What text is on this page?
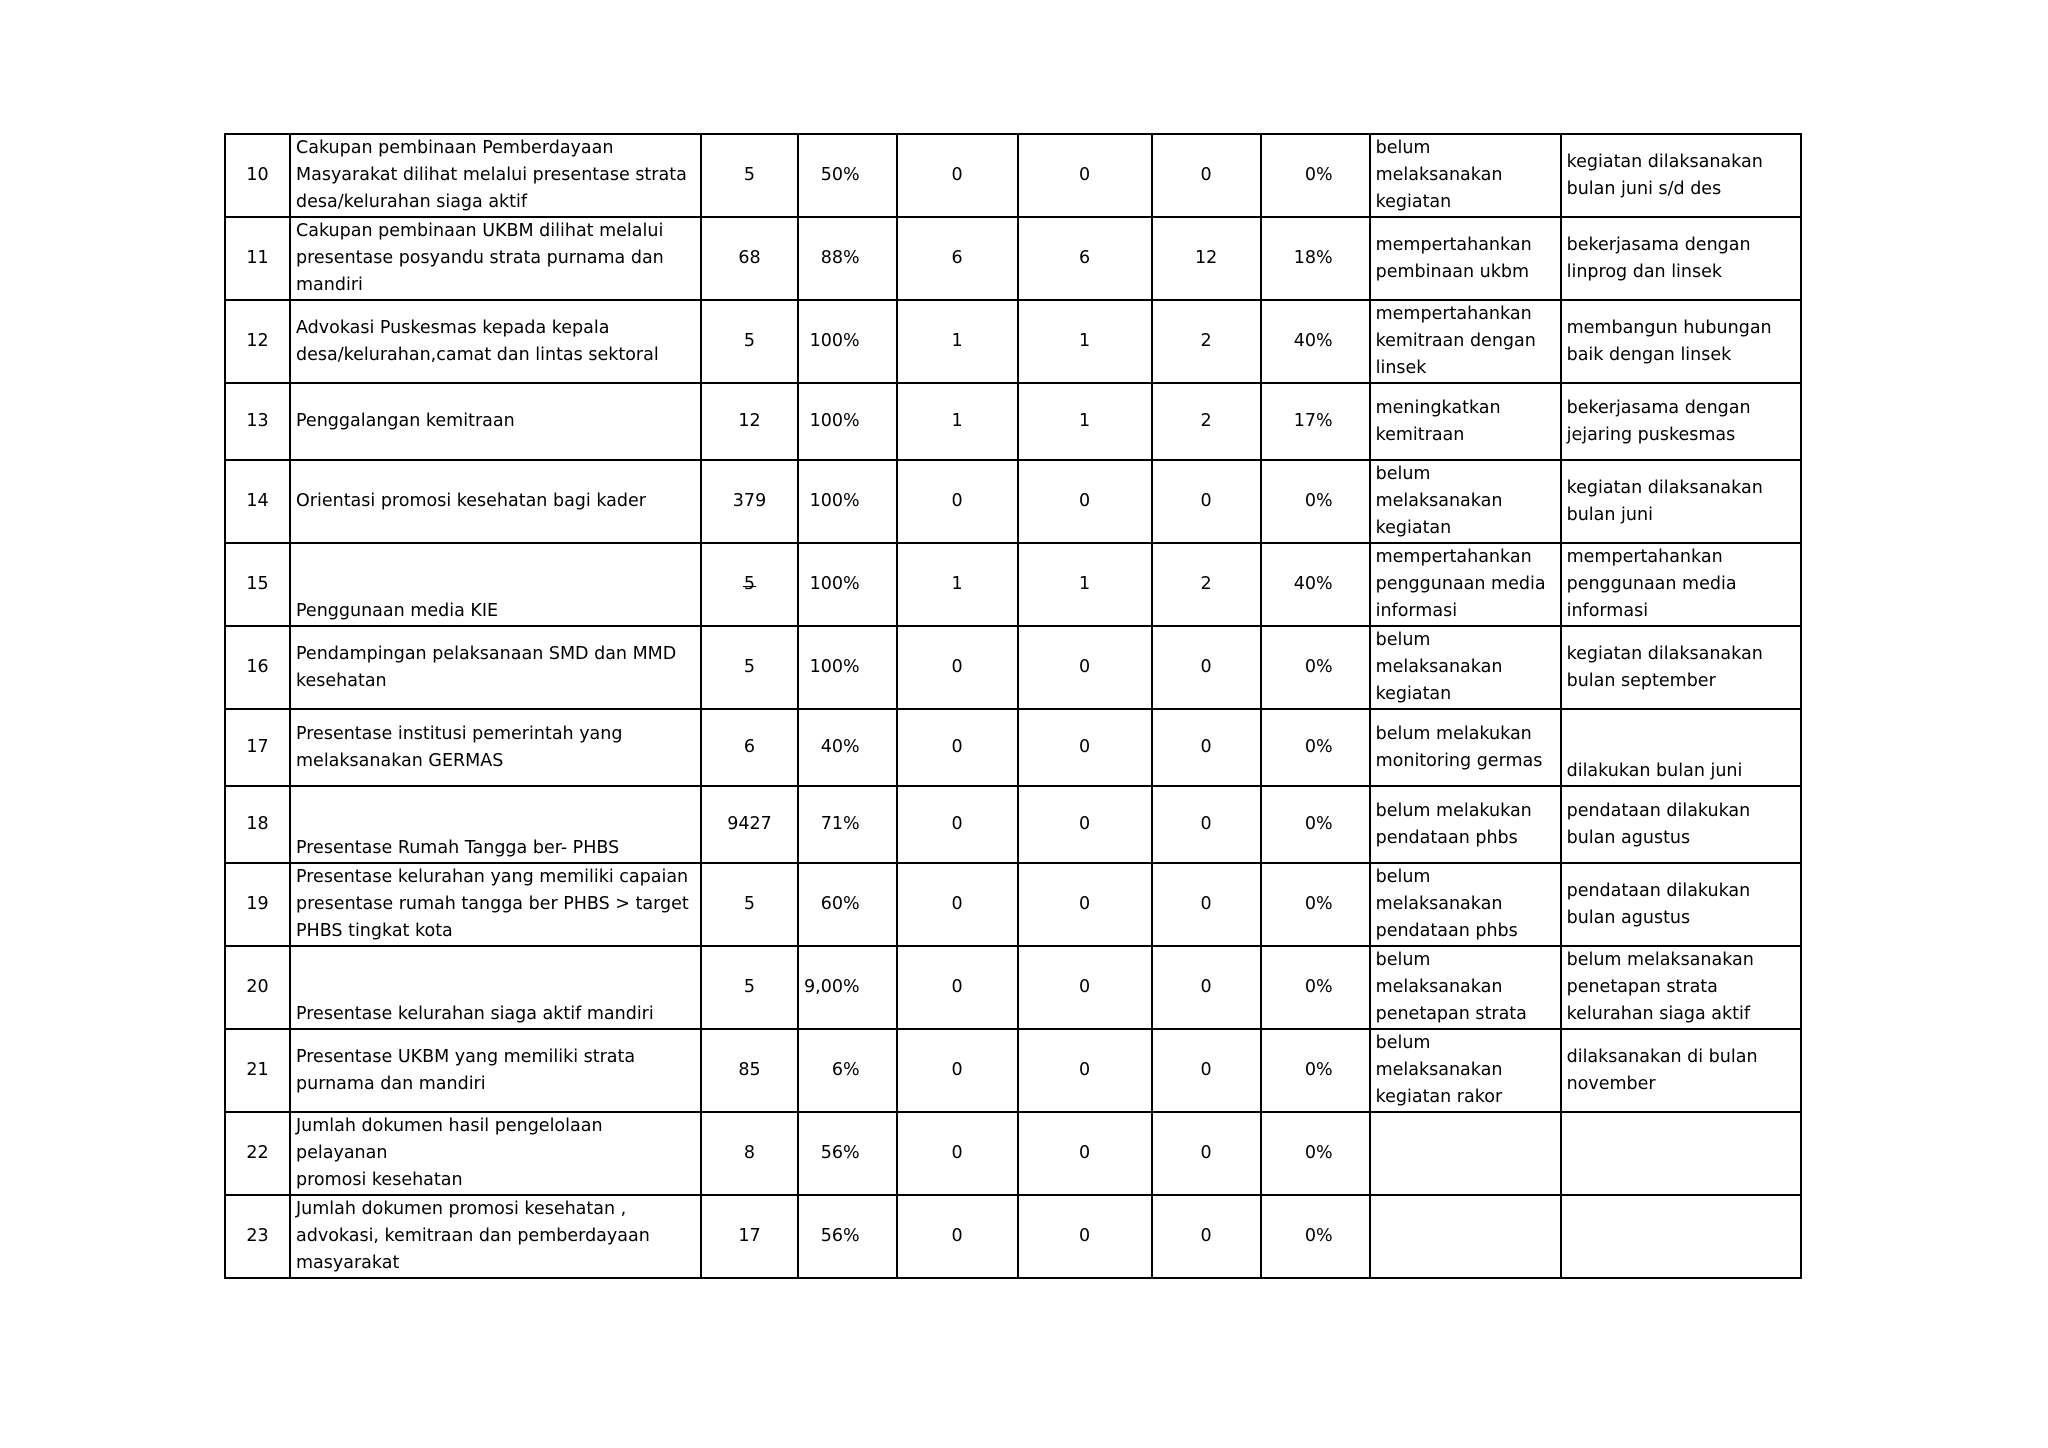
10	Cakupan pembinaan Pemberdayaan
Masyarakat dilihat melalui presentase strata
desa/kelurahan siaga aktif	5	50%	0	0	0	0%	belum
melaksanakan
kegiatan	kegiatan dilaksanakan
bulan juni s/d des
11	Cakupan pembinaan UKBM dilihat melalui
presentase posyandu strata purnama dan
mandiri	68	88%	6	6	12	18%	mempertahankan
pembinaan ukbm	bekerjasama dengan
linprog dan linsek
12	Advokasi Puskesmas kepada kepala
desa/kelurahan,camat dan lintas sektoral	5	100%	1	1	2	40%	mempertahankan
kemitraan dengan
linsek	membangun hubungan
baik dengan linsek
13	Penggalangan kemitraan	12	100%	1	1	2	17%	meningkatkan
kemitraan	bekerjasama dengan
jejaring puskesmas
14	Orientasi promosi kesehatan bagi kader	379	100%	0	0	0	0%	belum
melaksanakan
kegiatan	kegiatan dilaksanakan
bulan juni
15	Penggunaan media KIE	5	100%	1	1	2	40%	mempertahankan
penggunaan media
informasi	mempertahankan
penggunaan media
informasi
16	Pendampingan pelaksanaan SMD dan MMD
kesehatan	5	100%	0	0	0	0%	belum
melaksanakan
kegiatan	kegiatan dilaksanakan
bulan september
17	Presentase institusi pemerintah yang
melaksanakan GERMAS	6	40%	0	0	0	0%	belum melakukan
monitoring germas	dilakukan bulan juni
18	Presentase Rumah Tangga ber- PHBS	9427	71%	0	0	0	0%	belum melakukan
pendataan phbs	pendataan dilakukan
bulan agustus
19	Presentase kelurahan yang memiliki capaian
presentase rumah tangga ber PHBS > target
PHBS tingkat kota	5	60%	0	0	0	0%	belum
melaksanakan
pendataan phbs	pendataan dilakukan
bulan agustus
20	Presentase kelurahan siaga aktif mandiri	5	9,00%	0	0	0	0%	belum
melaksanakan
penetapan strata	belum melaksanakan
penetapan strata
kelurahan siaga aktif
21	Presentase UKBM yang memiliki strata
purnama dan mandiri	85	6%	0	0	0	0%	belum
melaksanakan
kegiatan rakor	dilaksanakan di bulan
november
22	Jumlah dokumen hasil pengelolaan pelayanan
promosi kesehatan	8	56%	0	0	0	0%		
23	Jumlah dokumen promosi kesehatan ,
advokasi, kemitraan dan pemberdayaan
masyarakat	17	56%	0	0	0	0%		
